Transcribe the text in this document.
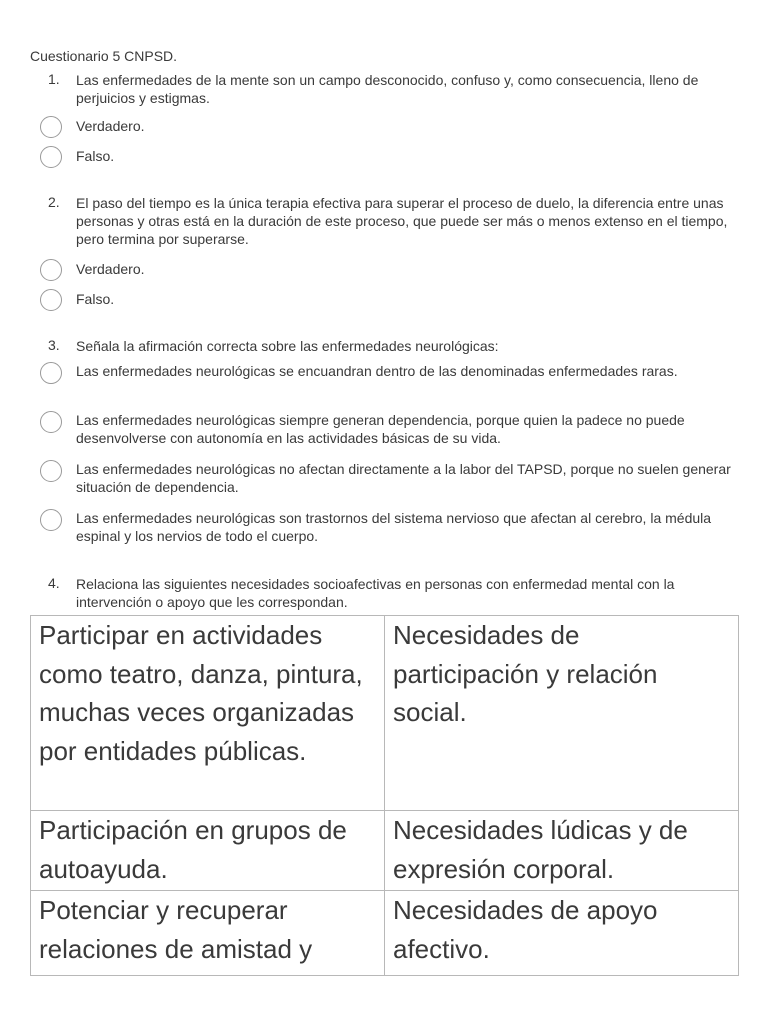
Cuestionario 5 CNPSD.
1. Las enfermedades de la mente son un campo desconocido, confuso y, como consecuencia, lleno de perjuicios y estigmas.
Verdadero.
Falso.
2. El paso del tiempo es la única terapia efectiva para superar el proceso de duelo, la diferencia entre unas personas y otras está en la duración de este proceso, que puede ser más o menos extenso en el tiempo, pero termina por superarse.
Verdadero.
Falso.
3. Señala la afirmación correcta sobre las enfermedades neurológicas:
Las enfermedades neurológicas se encuandran dentro de las denominadas enfermedades raras.
Las enfermedades neurológicas siempre generan dependencia, porque quien la padece no puede desenvolverse con autonomía en las actividades básicas de su vida.
Las enfermedades neurológicas no afectan directamente a la labor del TAPSD, porque no suelen generar situación de dependencia.
Las enfermedades neurológicas son trastornos del sistema nervioso que afectan al cerebro, la médula espinal y los nervios de todo el cuerpo.
4. Relaciona las siguientes necesidades socioafectivas en personas con enfermedad mental con la intervención o apoyo que les correspondan.
Participar en actividades como teatro, danza, pintura, muchas veces organizadas por entidades públicas.	Necesidades de participación y relación social.
Participación en grupos de autoayuda.	Necesidades lúdicas y de expresión corporal.
Potenciar y recuperar relaciones de amistad y	Necesidades de apoyo afectivo.
